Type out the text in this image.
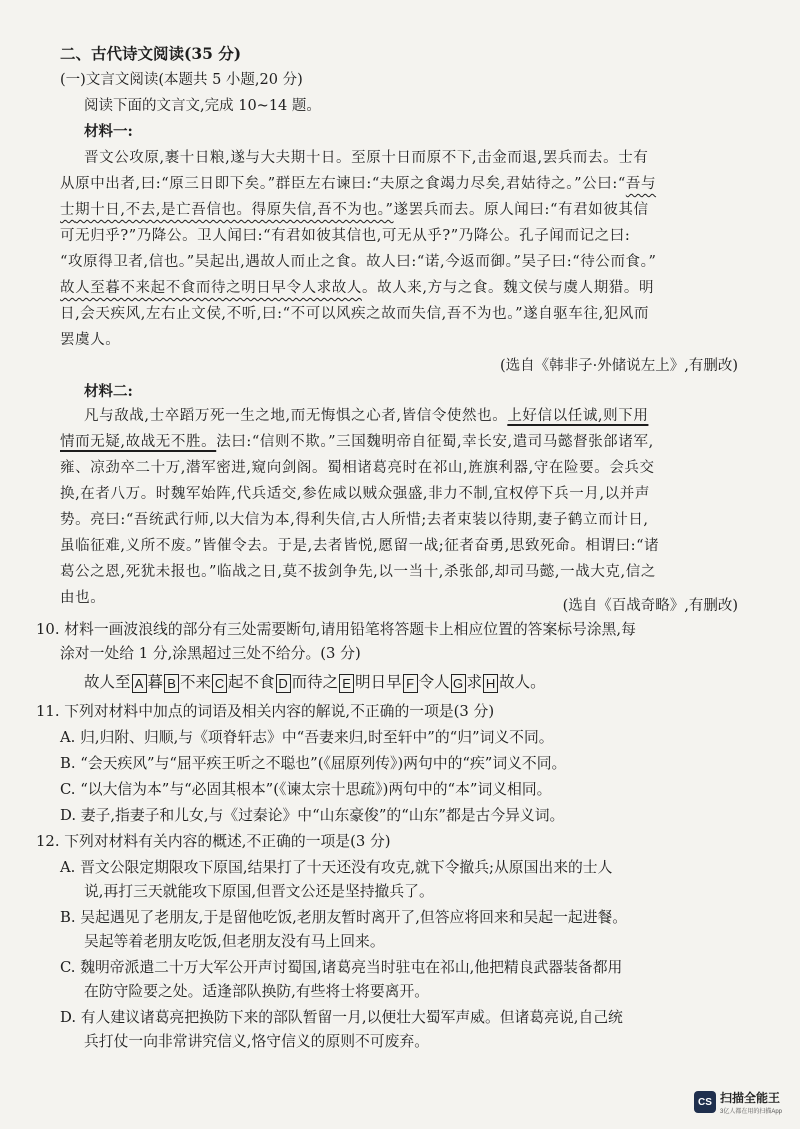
二、古代诗文阅读(35 分)
(一)文言文阅读(本题共 5 小题,20 分)
阅读下面的文言文,完成 10~14 题。
材料一:
晋文公攻原,裹十日粮,遂与大夫期十日。至原十日而原不下,击金而退,罢兵而去。士有
从原中出者,曰:“原三日即下矣。”群臣左右谏曰:“夫原之食竭力尽矣,君姑待之。”公曰:“吾与
士期十日,不去,是亡吾信也。得原失信,吾不为也。”遂罢兵而去。原人闻曰:“有君如彼其信
可无归乎?”乃降公。卫人闻曰:“有君如彼其信也,可无从乎?”乃降公。孔子闻而记之曰:
“攻原得卫者,信也。”吴起出,遇故人而止之食。故人曰:“诺,今返而御。”吴子曰:“待公而食。”
故人至暮不来起不食而待之明日早令人求故人。故人来,方与之食。魏文侯与虞人期猎。明
日,会天疾风,左右止文侯,不听,曰:“不可以风疾之故而失信,吾不为也。”遂自驱车往,犯风而
罢虞人。
(选自《韩非子·外储说左上》,有删改)
材料二:
凡与敌战,士卒蹈万死一生之地,而无悔惧之心者,皆信令使然也。上好信以任诚,则下用
情而无疑,故战无不胜。法曰:“信则不欺。”三国魏明帝自征蜀,幸长安,遣司马懿督张郃诸军,
雍、凉劲卒二十万,潜军密进,窥向剑阁。蜀相诸葛亮时在祁山,旌旗利器,守在险要。会兵交
换,在者八万。时魏军始阵,代兵适交,参佐咸以贼众强盛,非力不制,宜权停下兵一月,以并声
势。亮曰:“吾统武行师,以大信为本,得利失信,古人所惜;去者束装以待期,妻子鹤立而计日,
虽临征难,义所不废。”皆催令去。于是,去者皆悦,愿留一战;征者奋勇,思致死命。相谓曰:“诸
葛公之恩,死犹未报也。”临战之日,莫不拔剑争先,以一当十,杀张郃,却司马懿,一战大克,信之
由也。	(选自《百战奇略》,有删改)
10. 材料一画波浪线的部分有三处需要断句,请用铅笔将答题卡上相应位置的答案标号涂黑,每
涂对一处给 1 分,涂黑超过三处不给分。(3 分)
故人至 A 暮 B 不来 C 起不食 D 而待之 E 明日早 F 令人 G 求 H 故人。
11. 下列对材料中加点的词语及相关内容的解说,不正确的一项是(3 分)
A. 归,归附、归顺,与《项脊轩志》中“吾妻来归,时至轩中”的“归”词义不同。
B. “会天疾风”与“屈平疾王听之不聪也”(《屈原列传》)两句中的“疾”词义不同。
C. “以大信为本”与“必固其根本”(《谏太宗十思疏》)两句中的“本”词义相同。
D. 妻子,指妻子和儿女,与《过秦论》中“山东豪俊”的“山东”都是古今异义词。
12. 下列对材料有关内容的概述,不正确的一项是(3 分)
A. 晋文公限定期限攻下原国,结果打了十天还没有攻克,就下令撤兵;从原国出来的士人
说,再打三天就能攻下原国,但晋文公还是坚持撤兵了。
B. 吴起遇见了老朋友,于是留他吃饭,老朋友暂时离开了,但答应将回来和吴起一起进餐。
吴起等着老朋友吃饭,但老朋友没有马上回来。
C. 魏明帝派遣二十万大军公开声讨蜀国,诸葛亮当时驻屯在祁山,他把精良武器装备都用
在防守险要之处。适逢部队换防,有些将士将要离开。
D. 有人建议诸葛亮把换防下来的部队暂留一月,以便壮大蜀军声威。但诸葛亮说,自己统
兵打仗一向非常讲究信义,恪守信义的原则不可废弃。
CS 扫描全能王
3亿人都在用的扫描App
